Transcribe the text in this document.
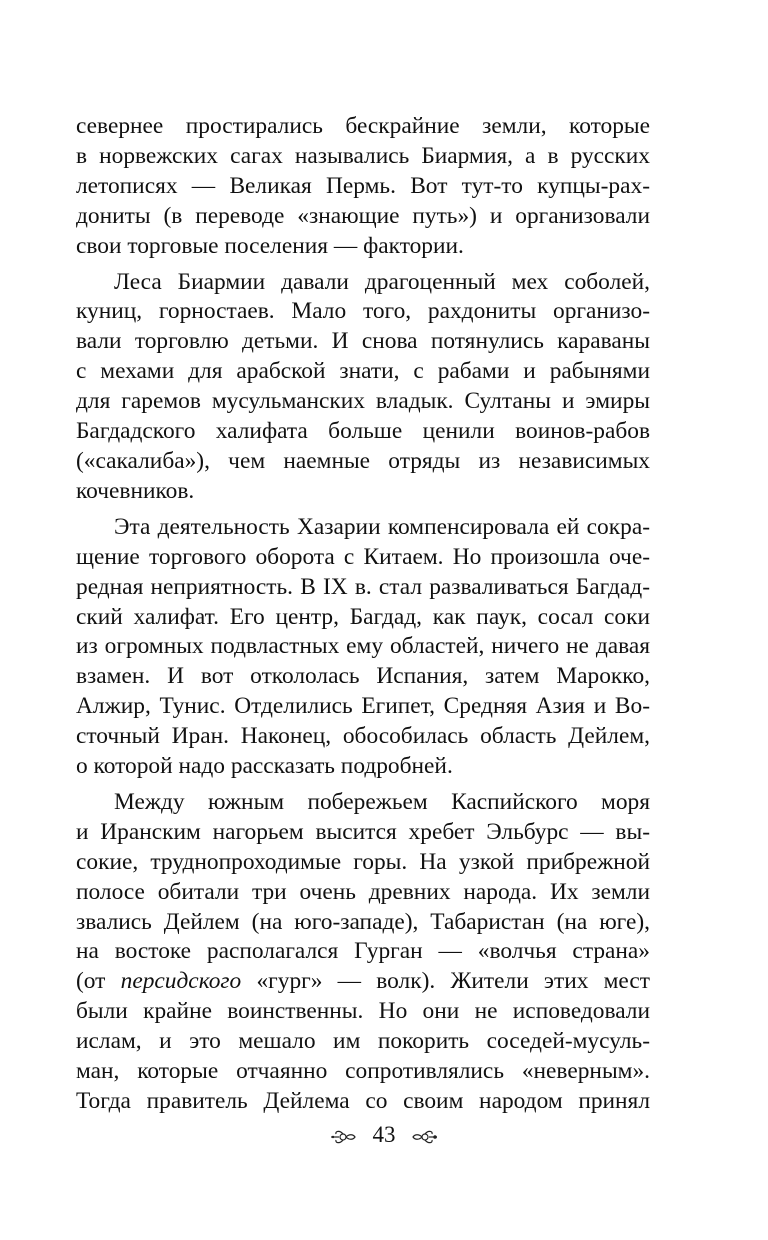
севернее простирались бескрайние земли, которые
в норвежских сагах назывались Биармия, а в русских
летописях — Великая Пермь. Вот тут-то купцы-рах-
дониты (в переводе «знающие путь») и организовали
свои торговые поселения — фактории.

Леса Биармии давали драгоценный мех соболей,
куниц, горностаев. Мало того, рахдониты организо-
вали торговлю детьми. И снова потянулись караваны
с мехами для арабской знати, с рабами и рабынями
для гаремов мусульманских владык. Султаны и эмиры
Багдадского халифата больше ценили воинов-рабов
(«сакалиба»), чем наемные отряды из независимых
кочевников.

Эта деятельность Хазарии компенсировала ей сокра-
щение торгового оборота с Китаем. Но произошла оче-
редная неприятность. В IX в. стал разваливаться Багдад-
ский халифат. Его центр, Багдад, как паук, сосал соки
из огромных подвластных ему областей, ничего не давая
взамен. И вот откололась Испания, затем Марокко,
Алжир, Тунис. Отделились Египет, Средняя Азия и Во-
сточный Иран. Наконец, обособилась область Дейлем,
о которой надо рассказать подробней.

Между южным побережьем Каспийского моря
и Иранским нагорьем высится хребет Эльбурс — вы-
сокие, труднопроходимые горы. На узкой прибрежной
полосе обитали три очень древних народа. Их земли
звались Дейлем (на юго-западе), Табаристан (на юге),
на востоке располагался Гурган — «волчья страна»
(от персидского «гург» — волк). Жители этих мест
были крайне воинственны. Но они не исповедовали
ислам, и это мешало им покорить соседей-мусуль-
ман, которые отчаянно сопротивлялись «неверным».
Тогда правитель Дейлема со своим народом принял

43
